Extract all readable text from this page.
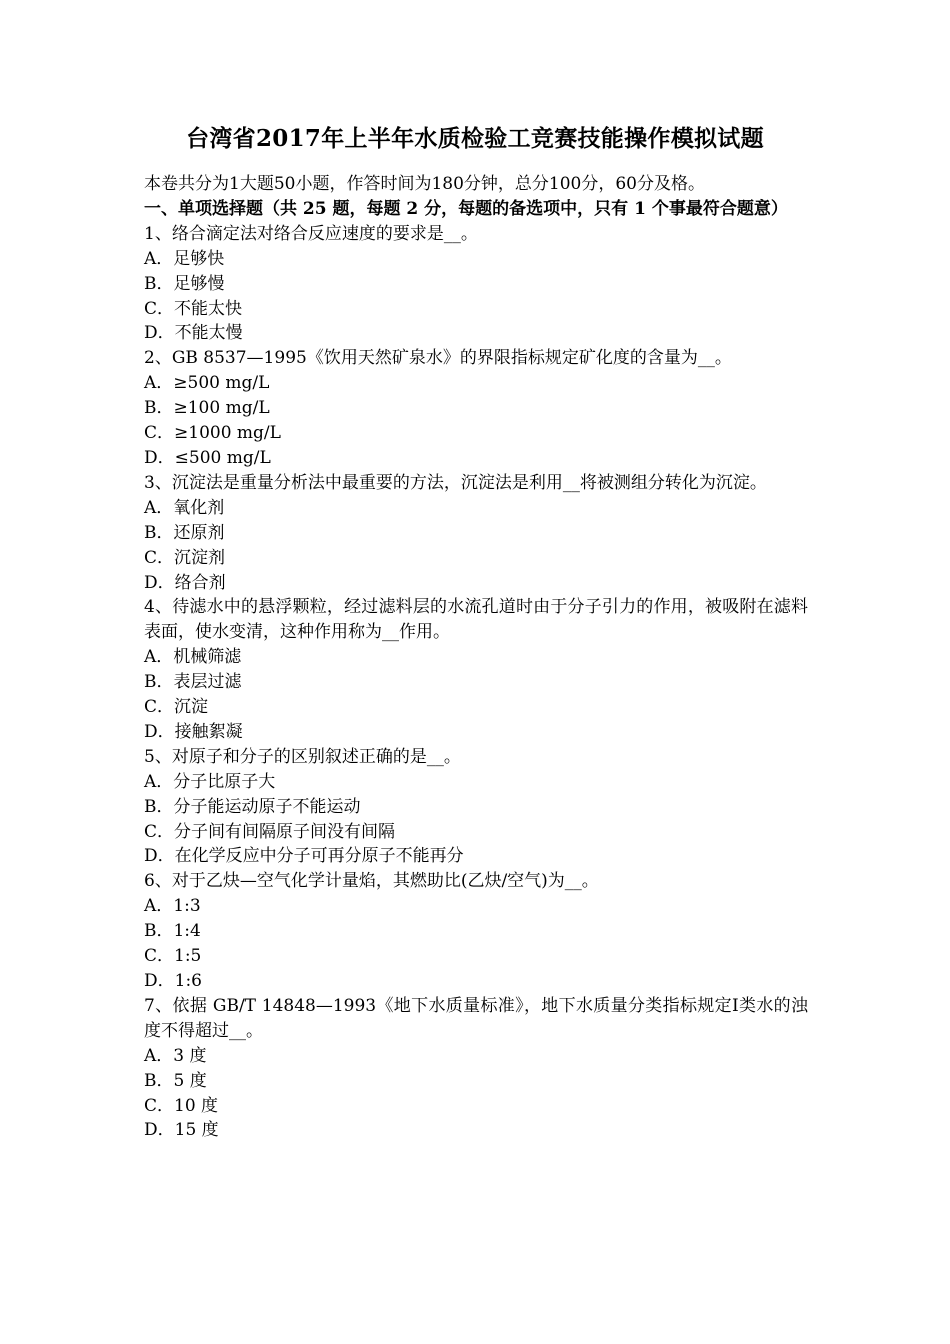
台湾省2017年上半年水质检验工竞赛技能操作模拟试题
本卷共分为1大题50小题，作答时间为180分钟，总分100分，60分及格。
一、单项选择题（共 25 题，每题 2 分，每题的备选项中，只有 1 个事最符合题意）
1、络合滴定法对络合反应速度的要求是__。
A．足够快
B．足够慢
C．不能太快
D．不能太慢
2、GB 8537—1995《饮用天然矿泉水》的界限指标规定矿化度的含量为__。
A．≥500 mg/L
B．≥100 mg/L
C．≥1000 mg/L
D．≤500 mg/L
3、沉淀法是重量分析法中最重要的方法，沉淀法是利用__将被测组分转化为沉淀。
A．氧化剂
B．还原剂
C．沉淀剂
D．络合剂
4、待滤水中的悬浮颗粒，经过滤料层的水流孔道时由于分子引力的作用，被吸附在滤料表面，使水变清，这种作用称为__作用。
A．机械筛滤
B．表层过滤
C．沉淀
D．接触絮凝
5、对原子和分子的区别叙述正确的是__。
A．分子比原子大
B．分子能运动原子不能运动
C．分子间有间隔原子间没有间隔
D．在化学反应中分子可再分原子不能再分
6、对于乙炔—空气化学计量焰，其燃助比(乙炔/空气)为__。
A．1:3
B．1:4
C．1:5
D．1:6
7、依据 GB/T 14848—1993《地下水质量标准》，地下水质量分类指标规定Ⅰ类水的浊度不得超过__。
A．3 度
B．5 度
C．10 度
D．15 度
